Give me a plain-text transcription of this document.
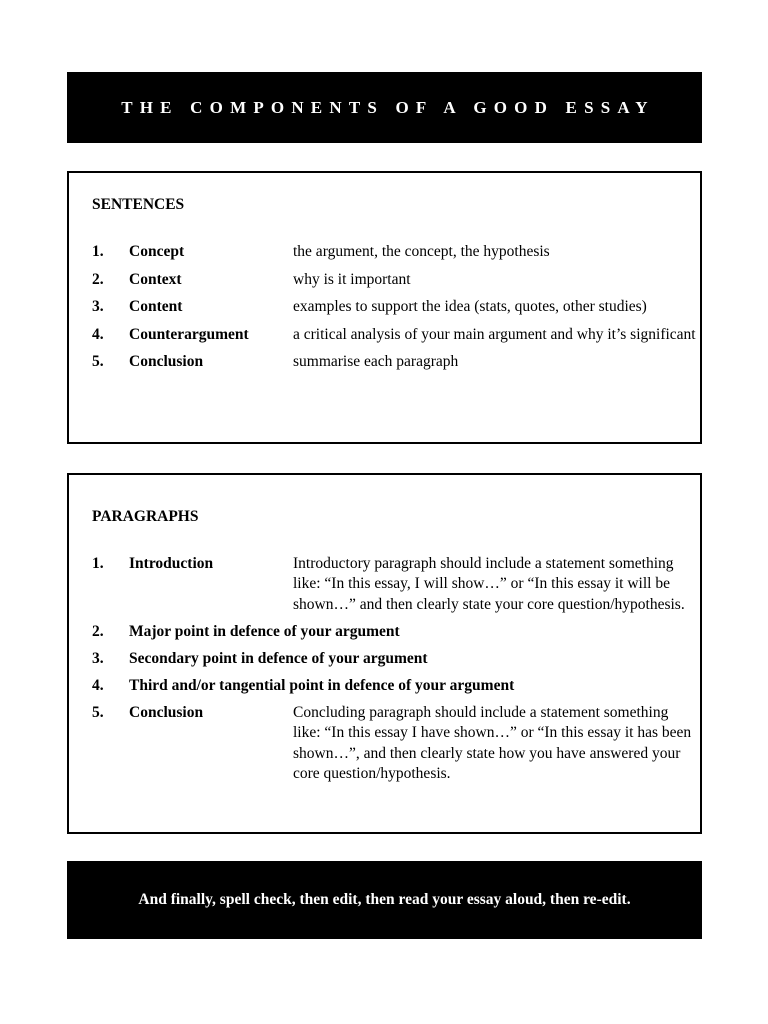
THE COMPONENTS OF A GOOD ESSAY
SENTENCES
1.	Concept	the argument, the concept, the hypothesis
2.	Context	why is it important
3.	Content	examples to support the idea (stats, quotes, other studies)
4.	Counterargument	a critical analysis of your main argument and why it’s significant
5.	Conclusion	summarise each paragraph
PARAGRAPHS
1.	Introduction	Introductory paragraph should include a statement something like: “In this essay, I will show…” or “In this essay it will be shown…” and then clearly state your core question/hypothesis.
2.	Major point in defence of your argument
3.	Secondary point in defence of your argument
4.	Third and/or tangential point in defence of your argument
5.	Conclusion	Concluding paragraph should include a statement something like: “In this essay I have shown…” or “In this essay it has been shown…”, and then clearly state how you have answered your core question/hypothesis.

And finally, spell check, then edit, then read your essay aloud, then re-edit.
